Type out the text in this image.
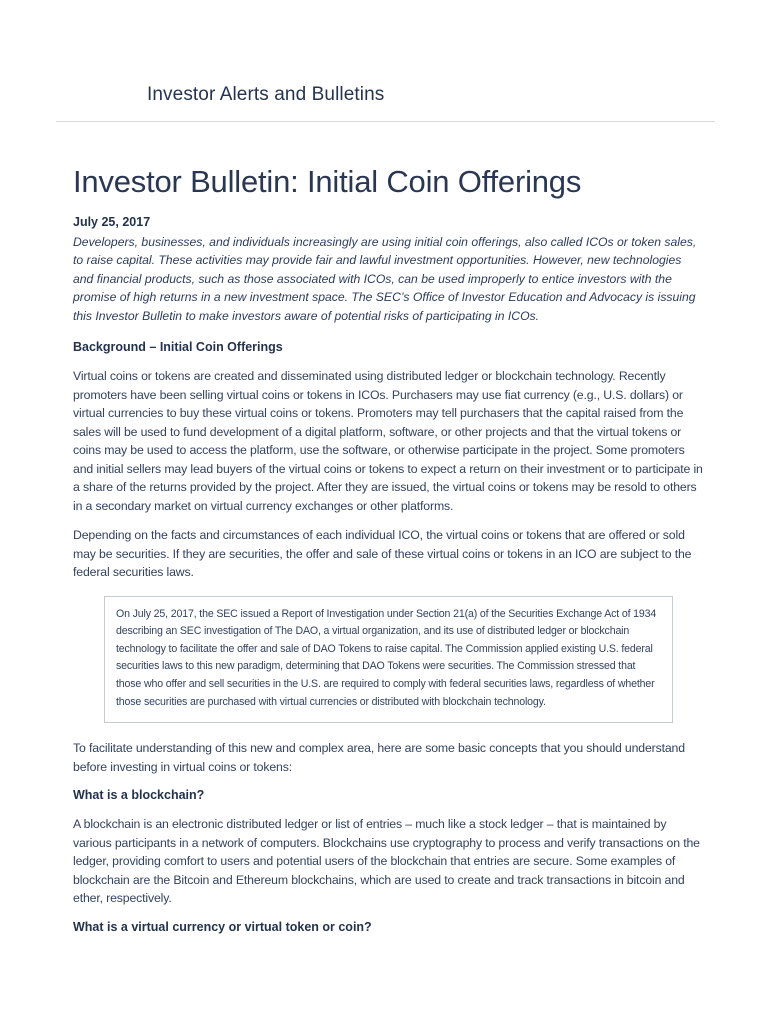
Investor Alerts and Bulletins
Investor Bulletin: Initial Coin Offerings
July 25, 2017
Developers, businesses, and individuals increasingly are using initial coin offerings, also called ICOs or token sales, to raise capital. These activities may provide fair and lawful investment opportunities. However, new technologies and financial products, such as those associated with ICOs, can be used improperly to entice investors with the promise of high returns in a new investment space. The SEC’s Office of Investor Education and Advocacy is issuing this Investor Bulletin to make investors aware of potential risks of participating in ICOs.
Background – Initial Coin Offerings
Virtual coins or tokens are created and disseminated using distributed ledger or blockchain technology. Recently promoters have been selling virtual coins or tokens in ICOs. Purchasers may use fiat currency (e.g., U.S. dollars) or virtual currencies to buy these virtual coins or tokens. Promoters may tell purchasers that the capital raised from the sales will be used to fund development of a digital platform, software, or other projects and that the virtual tokens or coins may be used to access the platform, use the software, or otherwise participate in the project. Some promoters and initial sellers may lead buyers of the virtual coins or tokens to expect a return on their investment or to participate in a share of the returns provided by the project. After they are issued, the virtual coins or tokens may be resold to others in a secondary market on virtual currency exchanges or other platforms.
Depending on the facts and circumstances of each individual ICO, the virtual coins or tokens that are offered or sold may be securities. If they are securities, the offer and sale of these virtual coins or tokens in an ICO are subject to the federal securities laws.
On July 25, 2017, the SEC issued a Report of Investigation under Section 21(a) of the Securities Exchange Act of 1934 describing an SEC investigation of The DAO, a virtual organization, and its use of distributed ledger or blockchain technology to facilitate the offer and sale of DAO Tokens to raise capital. The Commission applied existing U.S. federal securities laws to this new paradigm, determining that DAO Tokens were securities. The Commission stressed that those who offer and sell securities in the U.S. are required to comply with federal securities laws, regardless of whether those securities are purchased with virtual currencies or distributed with blockchain technology.
To facilitate understanding of this new and complex area, here are some basic concepts that you should understand before investing in virtual coins or tokens:
What is a blockchain?
A blockchain is an electronic distributed ledger or list of entries – much like a stock ledger – that is maintained by various participants in a network of computers. Blockchains use cryptography to process and verify transactions on the ledger, providing comfort to users and potential users of the blockchain that entries are secure. Some examples of blockchain are the Bitcoin and Ethereum blockchains, which are used to create and track transactions in bitcoin and ether, respectively.
What is a virtual currency or virtual token or coin?
